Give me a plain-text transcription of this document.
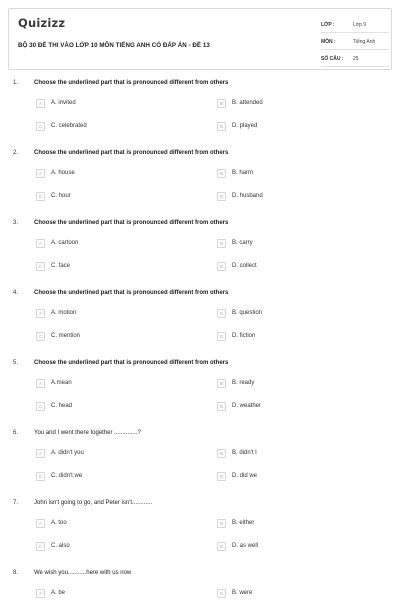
Quizizz
BỘ 30 ĐỀ THI VÀO LỚP 10 MÔN TIẾNG ANH CÓ ĐÁP ÁN - ĐỀ 13
LỚP :	Lớp 9
MÔN :	Tiếng Anh
SỐ CÂU : 25
1.	Choose the underlined part that is pronounced different from others
A	A. invited	B	B. attended
C	C. celebrated	D	D. played
2.	Choose the underlined part that is pronounced different from others
A	A. house	B	B. harm
C	C. hour	D	D. husband
3.	Choose the underlined part that is pronounced different from others
A	A. cartoon	B	B. carry
C	C. face	D	D. collect
4.	Choose the underlined part that is pronounced different from others
A	A. motion	B	B. question
C	C. mention	D	D. fiction
5.	Choose the underlined part that is pronounced different from others
A	A.mean	B	B. ready
C	C. head	D	D. weather
6.	You and I went there together ..............?
A	A. didn't you	B	B. didn't I
C	C. didn't we	D	D. did we
7.	John isn't going to go, and Peter isn't............
A	A. too	B	B. either
C	C. also	D	D. as well
8.	We wish you...........here with us now
A	A. be	B	B. were
